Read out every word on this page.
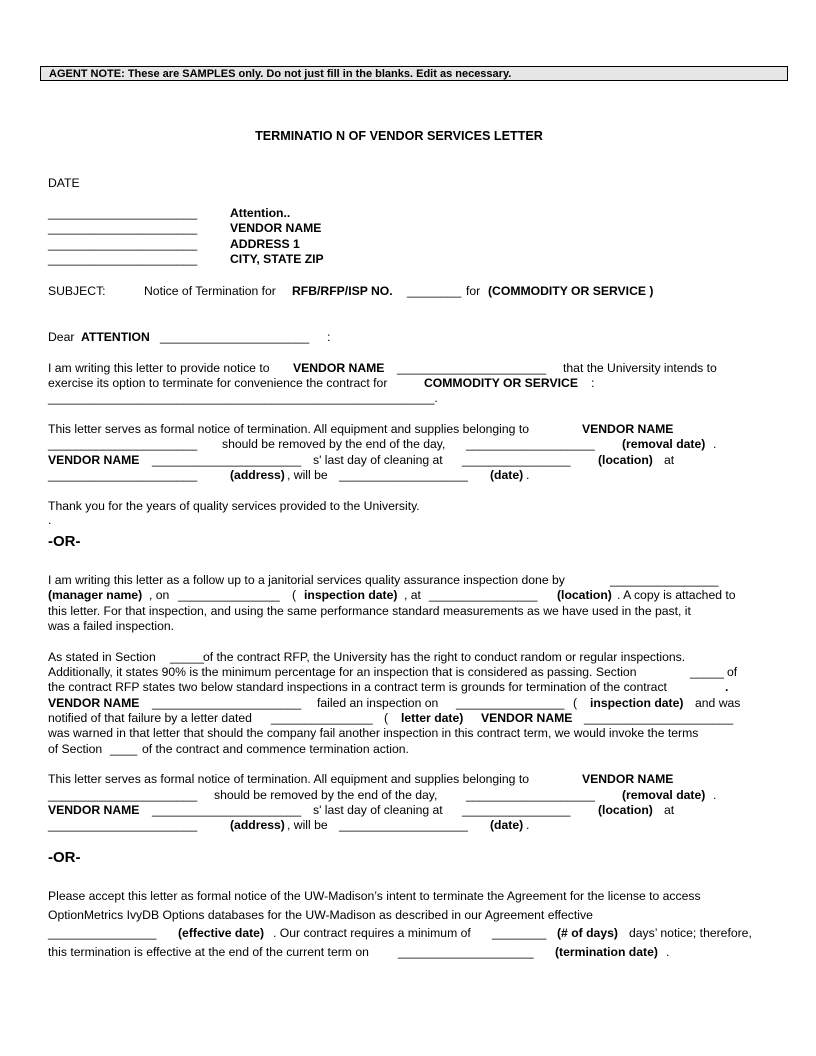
AGENT NOTE: These are SAMPLES only. Do not just fill in the blanks. Edit as necessary.
TERMINATIO N OF VENDOR SERVICES LETTER
DATE
______________________	Attention..
______________________	VENDOR NAME
______________________	ADDRESS 1
______________________	CITY, STATE ZIP
SUBJECT:	Notice of Termination for RFB/RFP/ISP NO. ________ for (COMMODITY OR SERVICE )
Dear ATTENTION ______________________ :
I am writing this letter to provide notice to VENDOR NAME ______________________ that the University intends to
exercise its option to terminate for convenience the contract for	COMMODITY OR SERVICE :
_________________________________________________________.
This letter serves as formal notice of termination. All equipment and supplies belonging to	VENDOR NAME
______________________ should be removed by the end of the day, ___________________ (removal date) .
VENDOR NAME ______________________ s' last day of cleaning at ________________ (location) at
______________________	(address) , will be ___________________ (date) .
Thank you for the years of quality services provided to the University.
.
-OR-
I am writing this letter as a follow up to a janitorial services quality assurance inspection done by	________________
(manager name) , on _______________ ( inspection date) , at ________________ (location) . A copy is attached to
this letter. For that inspection, and using the same performance standard measurements as we have used in the past, it
was a failed inspection.
As stated in Section _____ of the contract RFP, the University has the right to conduct random or regular inspections.
Additionally, it states 90% is the minimum percentage for an inspection that is considered as passing. Section	_____ of
the contract RFP states two below standard inspections in a contract term is grounds for termination of the contract	.
VENDOR NAME ______________________ failed an inspection on ________________ ( inspection date) and was
notified of that failure by a letter dated _______________ ( letter date) VENDOR NAME ______________________
was warned in that letter that should the company fail another inspection in this contract term, we would invoke the terms
of Section ____ of the contract and commence termination action.
This letter serves as formal notice of termination. All equipment and supplies belonging to	VENDOR NAME
______________________ should be removed by the end of the day, ___________________ (removal date) .
VENDOR NAME ______________________ s' last day of cleaning at ________________ (location) at
______________________	(address) , will be ___________________ (date) .
-OR-
Please accept this letter as formal notice of the UW-Madison’s intent to terminate the Agreement for the license to access
OptionMetrics IvyDB Options databases for the UW-Madison as described in our Agreement effective
________________ (effective date) . Our contract requires a minimum of ________ (# of days) days’ notice; therefore,
this termination is effective at the end of the current term on ____________________ (termination date) .
